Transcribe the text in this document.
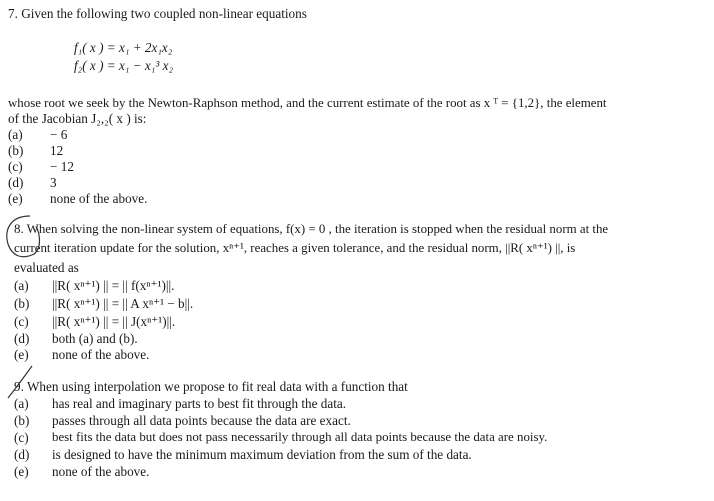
7. Given the following two coupled non-linear equations
f₁( x ) = x₁ + 2x₁x₂
f₂( x ) = x₁ − x₁³ x₂
whose root we seek by the Newton-Raphson method, and the current estimate of the root as x ᵀ = {1,2}, the element
of the Jacobian J₂,₂( x ) is:
(a) − 6
(b) 12
(c) − 12
(d) 3
(e) none of the above.
8. When solving the non-linear system of equations, f(x) = 0 , the iteration is stopped when the residual norm at the
current iteration update for the solution, xⁿ⁺¹, reaches a given tolerance, and the residual norm, ||R( xⁿ⁺¹) ||, is
evaluated as
(a) ||R( xⁿ⁺¹) || = || f(xⁿ⁺¹)||.
(b) ||R( xⁿ⁺¹) || = || A xⁿ⁺¹ − b||.
(c) ||R( xⁿ⁺¹) || = || J(xⁿ⁺¹)||.
(d) both (a) and (b).
(e) none of the above.
9. When using interpolation we propose to fit real data with a function that
(a) has real and imaginary parts to best fit through the data.
(b) passes through all data points because the data are exact.
(c) best fits the data but does not pass necessarily through all data points because the data are noisy.
(d) is designed to have the minimum maximum deviation from the sum of the data.
(e) none of the above.
